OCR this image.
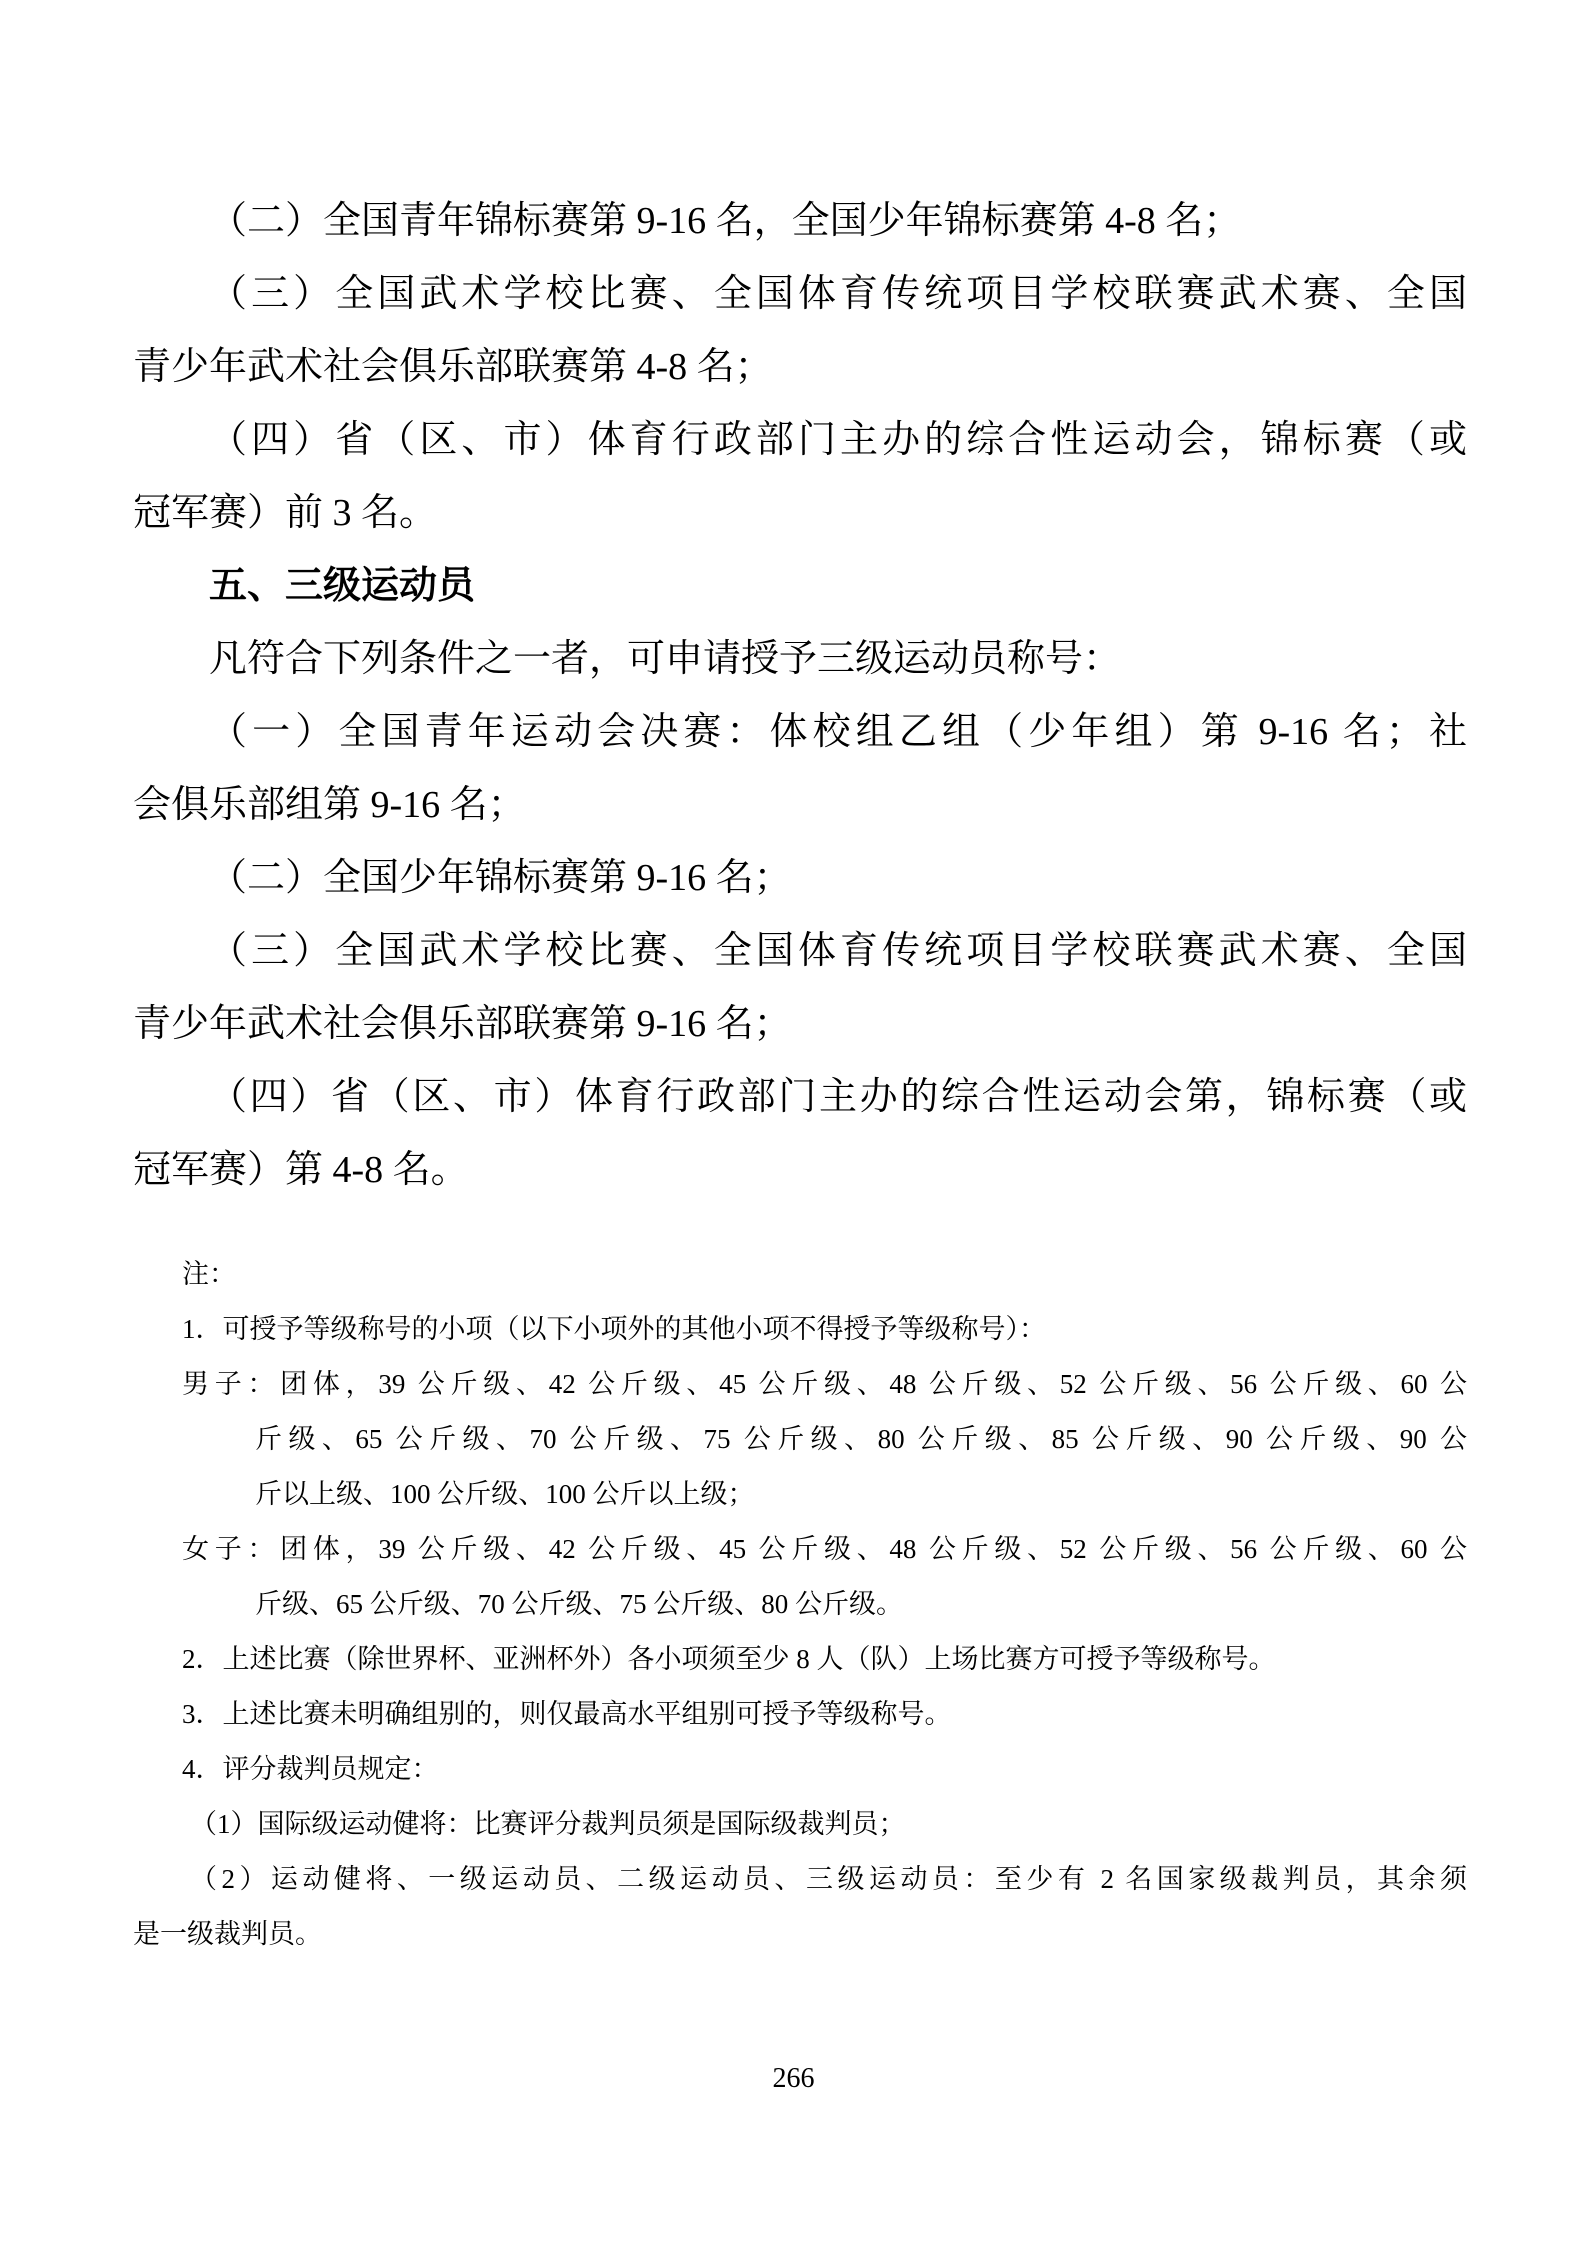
（二）全国青年锦标赛第 9-16 名，全国少年锦标赛第 4-8 名；
（三）全国武术学校比赛、全国体育传统项目学校联赛武术赛、全国
青少年武术社会俱乐部联赛第 4-8 名；
（四）省（区、市）体育行政部门主办的综合性运动会，锦标赛（或
冠军赛）前 3 名。
五、三级运动员
凡符合下列条件之一者，可申请授予三级运动员称号：
（一）全国青年运动会决赛：体校组乙组（少年组）第 9-16 名；社
会俱乐部组第 9-16 名；
（二）全国少年锦标赛第 9-16 名；
（三）全国武术学校比赛、全国体育传统项目学校联赛武术赛、全国
青少年武术社会俱乐部联赛第 9-16 名；
（四）省（区、市）体育行政部门主办的综合性运动会第，锦标赛（或
冠军赛）第 4-8 名。
注：
1．可授予等级称号的小项（以下小项外的其他小项不得授予等级称号）：
男子：团体，39 公斤级、42 公斤级、45 公斤级、48 公斤级、52 公斤级、56 公斤级、60 公
斤级、65 公斤级、70 公斤级、75 公斤级、80 公斤级、85 公斤级、90 公斤级、90 公
斤以上级、100 公斤级、100 公斤以上级；
女子：团体，39 公斤级、42 公斤级、45 公斤级、48 公斤级、52 公斤级、56 公斤级、60 公
斤级、65 公斤级、70 公斤级、75 公斤级、80 公斤级。
2．上述比赛（除世界杯、亚洲杯外）各小项须至少 8 人（队）上场比赛方可授予等级称号。
3．上述比赛未明确组别的，则仅最高水平组别可授予等级称号。
4．评分裁判员规定：
（1）国际级运动健将：比赛评分裁判员须是国际级裁判员；
（2）运动健将、一级运动员、二级运动员、三级运动员：至少有 2 名国家级裁判员，其余须
是一级裁判员。
266
